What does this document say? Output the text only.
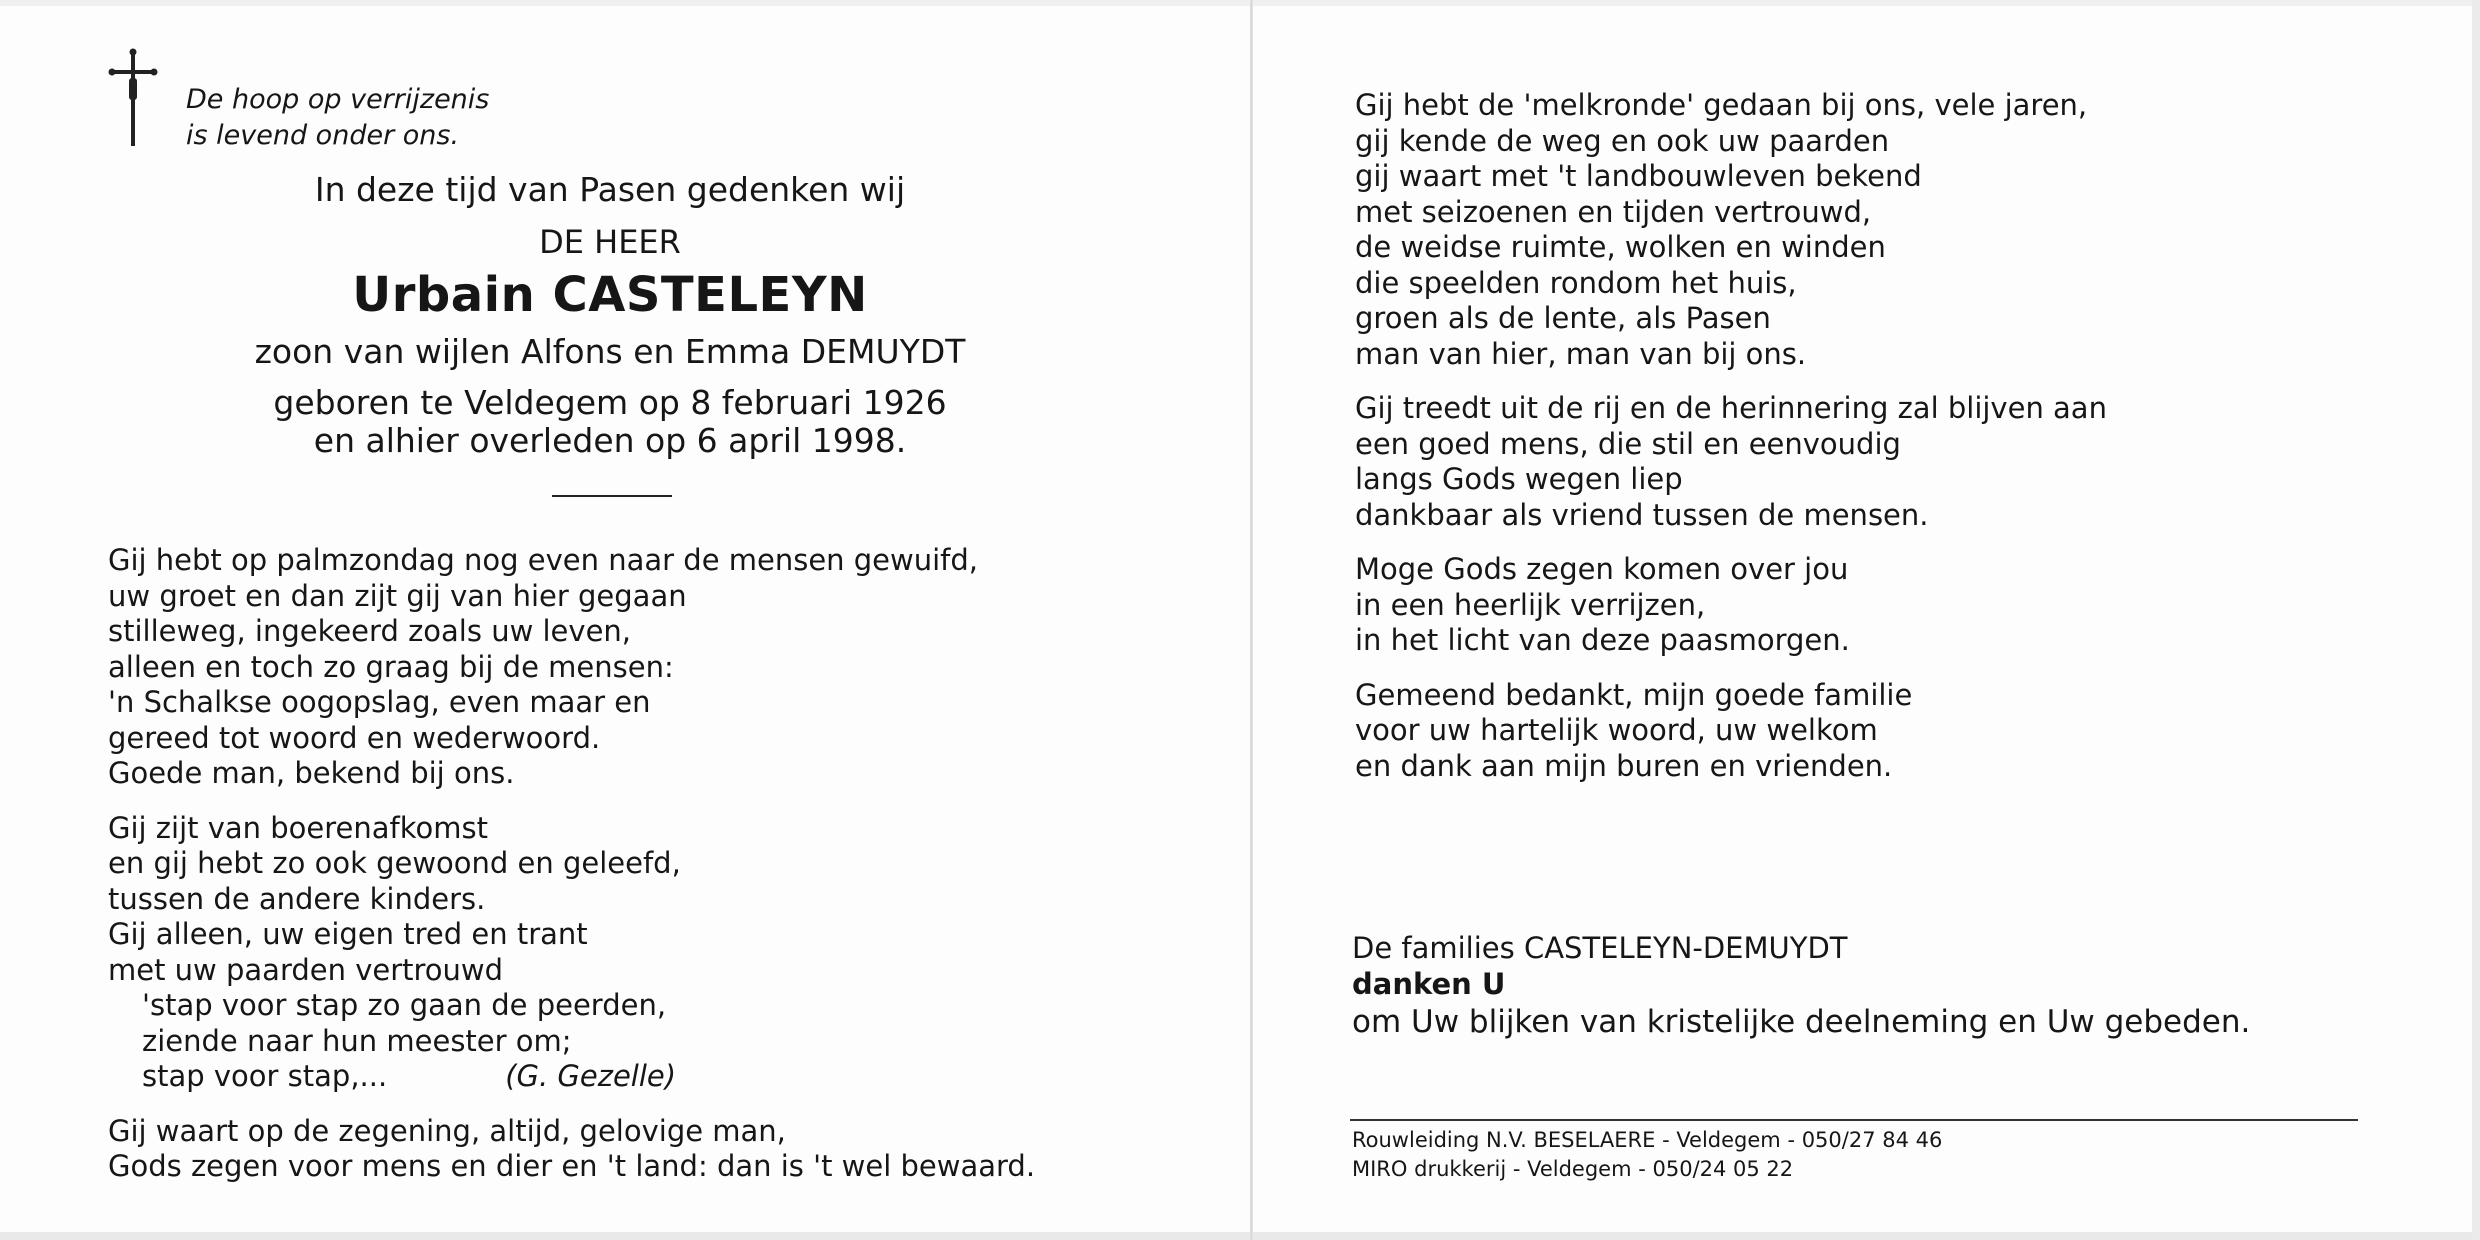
De hoop op verrijzenis
is levend onder ons.
In deze tijd van Pasen gedenken wij
DE HEER
Urbain CASTELEYN
zoon van wijlen Alfons en Emma DEMUYDT
geboren te Veldegem op 8 februari 1926
en alhier overleden op 6 april 1998.
Gij hebt op palmzondag nog even naar de mensen gewuifd,
uw groet en dan zijt gij van hier gegaan
stilleweg, ingekeerd zoals uw leven,
alleen en toch zo graag bij de mensen:
'n Schalkse oogopslag, even maar en
gereed tot woord en wederwoord.
Goede man, bekend bij ons.
Gij zijt van boerenafkomst
en gij hebt zo ook gewoond en geleefd,
tussen de andere kinders.
Gij alleen, uw eigen tred en trant
met uw paarden vertrouwd
'stap voor stap zo gaan de peerden,
ziende naar hun meester om;
stap voor stap,...	(G. Gezelle)
Gij waart op de zegening, altijd, gelovige man,
Gods zegen voor mens en dier en 't land: dan is 't wel bewaard.
Gij hebt de 'melkronde' gedaan bij ons, vele jaren,
gij kende de weg en ook uw paarden
gij waart met 't landbouwleven bekend
met seizoenen en tijden vertrouwd,
de weidse ruimte, wolken en winden
die speelden rondom het huis,
groen als de lente, als Pasen
man van hier, man van bij ons.
Gij treedt uit de rij en de herinnering zal blijven aan
een goed mens, die stil en eenvoudig
langs Gods wegen liep
dankbaar als vriend tussen de mensen.
Moge Gods zegen komen over jou
in een heerlijk verrijzen,
in het licht van deze paasmorgen.
Gemeend bedankt, mijn goede familie
voor uw hartelijk woord, uw welkom
en dank aan mijn buren en vrienden.
De families CASTELEYN-DEMUYDT
danken U
om Uw blijken van kristelijke deelneming en Uw gebeden.
Rouwleiding N.V. BESELAERE - Veldegem - 050/27 84 46
MIRO drukkerij - Veldegem - 050/24 05 22
